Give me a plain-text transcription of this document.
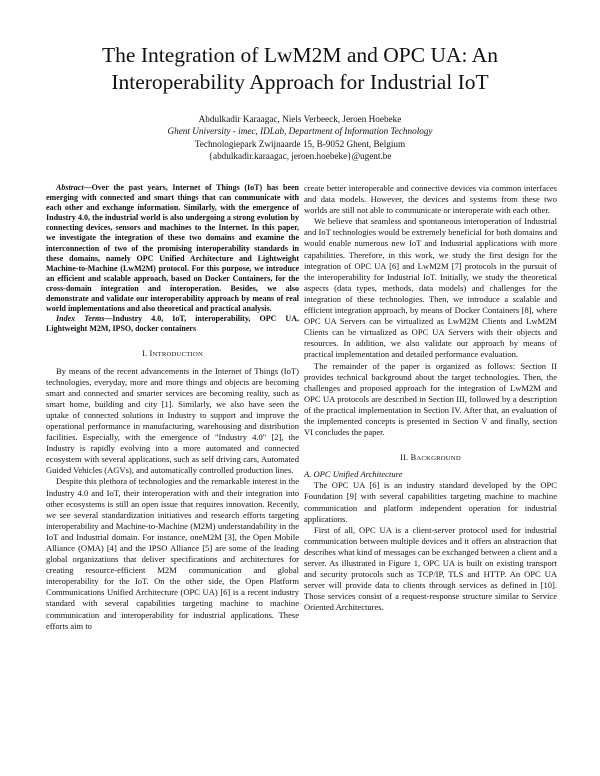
The Integration of LwM2M and OPC UA: An Interoperability Approach for Industrial IoT
Abdulkadir Karaagac, Niels Verbeeck, Jeroen Hoebeke
Ghent University - imec, IDLab, Department of Information Technology
Technologiepark Zwijnaarde 15, B-9052 Ghent, Belgium
{abdulkadir.karaagac, jeroen.hoebeke}@ugent.be

Abstract—Over the past years, Internet of Things (IoT) has been emerging with connected and smart things that can communicate with each other and exchange information. Similarly, with the emergence of Industry 4.0, the industrial world is also undergoing a strong evolution by connecting devices, sensors and machines to the Internet. In this paper, we investigate the integration of these two domains and examine the interconnection of two of the promising interoperability standards in these domains, namely OPC Unified Architecture and Lightweight Machine-to-Machine (LwM2M) protocol. For this purpose, we introduce an efficient and scalable approach, based on Docker Containers, for the cross-domain integration and interoperation. Besides, we also demonstrate and validate our interoperability approach by means of real world implementations and also theoretical and practical analysis.

Index Terms—Industry 4.0, IoT, interoperability, OPC UA, Lightweight M2M, IPSO, docker containers

I. INTRODUCTION

By means of the recent advancements in the Internet of Things (IoT) technologies, everyday, more and more things and objects are becoming smart and connected and smarter services are becoming reality, such as smart home, building and city [1]. Similarly, we also have seen the uptake of connected solutions in Industry to support and improve the operational performance in manufacturing, warehousing and distribution facilities. Especially, with the emergence of "Industry 4.0" [2], the Industry is rapidly evolving into a more automated and connected ecosystem with several applications, such as self driving cars, Automated Guided Vehicles (AGVs), and automatically controlled production lines.

Despite this plethora of technologies and the remarkable interest in the Industry 4.0 and IoT, their interoperation with and their integration into other ecosystems is still an open issue that requires innovation. Recently, we see several standardization initiatives and research efforts targeting interoperability and Machine-to-Machine (M2M) understandability in the IoT and Industrial domain. For instance, oneM2M [3], the Open Mobile Alliance (OMA) [4] and the IPSO Alliance [5] are some of the leading global organizations that deliver specifications and architectures for creating resource-efficient M2M communication and global interoperability for the IoT. On the other side, the Open Platform Communications Unified Architecture (OPC UA) [6] is a recent industry standard with several capabilities targeting machine to machine communication and interoperability for industrial applications. These efforts aim to

create better interoperable and connective devices via common interfaces and data models. However, the devices and systems from these two worlds are still not able to communicate or interoperate with each other.

We believe that seamless and spontaneous interoperation of Industrial and IoT technologies would be extremely beneficial for both domains and would enable numerous new IoT and Industrial applications with more capabilities. Therefore, in this work, we study the first design for the integration of OPC UA [6] and LwM2M [7] protocols in the pursuit of the interoperability for Industrial IoT. Initially, we study the theoretical aspects (data types, methods, data models) and challenges for the integration of these technologies. Then, we introduce a scalable and efficient integration approach, by means of Docker Containers [8], where OPC UA Servers can be virtualized as LwM2M Clients and LwM2M Clients can be virtualized as OPC UA Servers with their objects and resources. In addition, we also validate our approach by means of practical implementation and detailed performance evaluation.

The remainder of the paper is organized as follows: Section II provides technical background about the target technologies. Then, the challenges and proposed approach for the integration of LwM2M and OPC UA protocols are described in Section III, followed by a description of the practical implementation in Section IV. After that, an evaluation of the implemented concepts is presented in Section V and finally, section VI concludes the paper.

II. BACKGROUND

A. OPC Unified Architecture

The OPC UA [6] is an industry standard developed by the OPC Foundation [9] with several capabilities targeting machine to machine communication and platform independent operation for industrial applications.

First of all, OPC UA is a client-server protocol used for industrial communication between multiple devices and it offers an abstraction that describes what kind of messages can be exchanged between a client and a server. As illustrated in Figure 1, OPC UA is built on existing transport and security protocols such as TCP/IP, TLS and HTTP. An OPC UA server will provide data to clients through services as defined in [10]. Those services consist of a request-response structure similar to Service Oriented Architectures.
